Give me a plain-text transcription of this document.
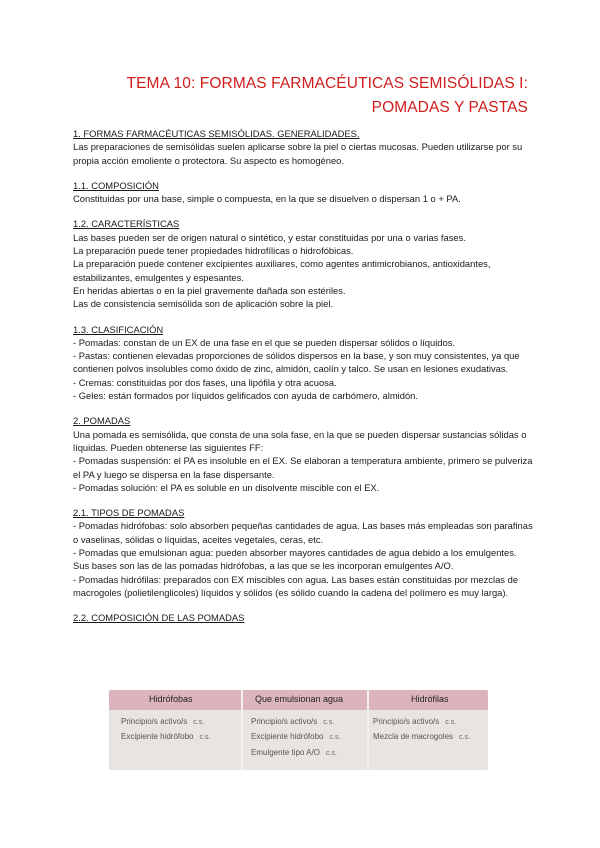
TEMA 10: FORMAS FARMACÉUTICAS SEMISÓLIDAS I:
POMADAS Y PASTAS
1. FORMAS FARMACÉUTICAS SEMISÓLIDAS. GENERALIDADES.
Las preparaciones de semisólidas suelen aplicarse sobre la piel o ciertas mucosas. Pueden utilizarse por su propia acción emoliente o protectora. Su aspecto es homogéneo.
1.1. COMPOSICIÓN
Constituidas por una base, simple o compuesta, en la que se disuelven o dispersan 1 o + PA.
1.2. CARACTERÍSTICAS
Las bases pueden ser de origen natural o sintético, y estar constituidas por una o varias fases.
La preparación puede tener propiedades hidrofílicas o hidrofóbicas.
La preparación puede contener excipientes auxiliares, como agentes antimicrobianos, antioxidantes, estabilizantes, emulgentes y espesantes.
En heridas abiertas o en la piel gravemente dañada son estériles.
Las de consistencia semisólida son de aplicación sobre la piel.
1.3. CLASIFICACIÓN
- Pomadas: constan de un EX de una fase en el que se pueden dispersar sólidos o líquidos.
- Pastas: contienen elevadas proporciones de sólidos dispersos en la base, y son muy consistentes, ya que contienen polvos insolubles como óxido de zinc, almidón, caolín y talco. Se usan en lesiones exudativas.
- Cremas: constituidas por dos fases, una lipófila y otra acuosa.
- Geles: están formados por líquidos gelificados con ayuda de carbómero, almidón.
2. POMADAS
Una pomada es semisólida, que consta de una sola fase, en la que se pueden dispersar sustancias sólidas o líquidas. Pueden obtenerse las siguientes FF:
- Pomadas suspensión: el PA es insoluble en el EX. Se elaboran a temperatura ambiente, primero se pulveriza el PA y luego se dispersa en la fase dispersante.
- Pomadas solución: el PA es soluble en un disolvente miscible con el EX.
2.1. TIPOS DE POMADAS
- Pomadas hidrófobas: solo absorben pequeñas cantidades de agua. Las bases más empleadas son parafinas o vaselinas, sólidas o líquidas, aceites vegetales, ceras, etc.
- Pomadas que emulsionan agua: pueden absorber mayores cantidades de agua debido a los emulgentes. Sus bases son las de las pomadas hidrófobas, a las que se les incorporan emulgentes A/O.
- Pomadas hidrófilas: preparados con EX miscibles con agua. Las bases están constituidas por mezclas de macrogoles (polietilenglicoles) líquidos y sólidos (es sólido cuando la cadena del polímero es muy larga).
2.2. COMPOSICIÓN DE LAS POMADAS
Hidrófobas	Que emulsionan agua	Hidrófilas
Principio/s activo/s c.s.
Excipiente hidrófobo c.s.
Principio/s activo/s c.s.
Excipiente hidrófobo c.s.
Emulgente tipo A/O c.s.
Principio/s activo/s c.s.
Mezcla de macrogoles c.s.
